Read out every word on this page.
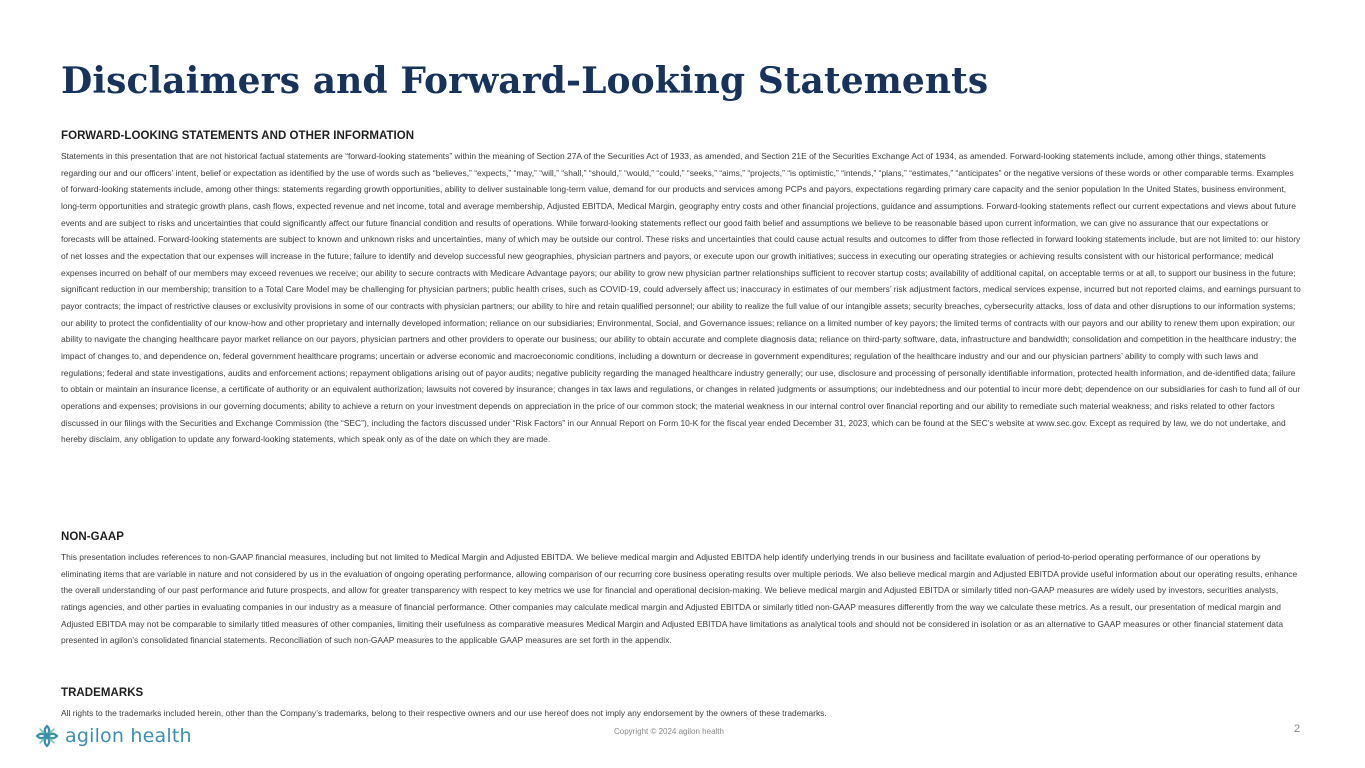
Disclaimers and Forward-Looking Statements
FORWARD-LOOKING STATEMENTS AND OTHER INFORMATION

Statements in this presentation that are not historical factual statements are “forward-looking statements” within the meaning of Section 27A of the Securities Act of 1933, as amended, and Section 21E of the Securities Exchange Act of 1934, as amended. Forward-looking statements include, among other things, statements regarding our and our officers’ intent, belief or expectation as identified by the use of words such as “believes,” “expects,” “may,” “will,” “shall,” “should,” “would,” “could,” “seeks,” “aims,” “projects,” “is optimistic,” “intends,” “plans,” “estimates,” “anticipates” or the negative versions of these words or other comparable terms. Examples of forward-looking statements include, among other things: statements regarding growth opportunities, ability to deliver sustainable long-term value, demand for our products and services among PCPs and payors, expectations regarding primary care capacity and the senior population In the United States, business environment, long-term opportunities and strategic growth plans, cash flows, expected revenue and net income, total and average membership, Adjusted EBITDA, Medical Margin, geography entry costs and other financial projections, guidance and assumptions. Forward-looking statements reflect our current expectations and views about future events and are subject to risks and uncertainties that could significantly affect our future financial condition and results of operations. While forward-looking statements reflect our good faith belief and assumptions we believe to be reasonable based upon current information, we can give no assurance that our expectations or forecasts will be attained. Forward-looking statements are subject to known and unknown risks and uncertainties, many of which may be outside our control. These risks and uncertainties that could cause actual results and outcomes to differ from those reflected in forward looking statements include, but are not limited to: our history of net losses and the expectation that our expenses will increase in the future; failure to identify and develop successful new geographies, physician partners and payors, or execute upon our growth initiatives; success in executing our operating strategies or achieving results consistent with our historical performance; medical expenses incurred on behalf of our members may exceed revenues we receive; our ability to secure contracts with Medicare Advantage payors; our ability to grow new physician partner relationships sufficient to recover startup costs; availability of additional capital, on acceptable terms or at all, to support our business in the future; significant reduction in our membership; transition to a Total Care Model may be challenging for physician partners; public health crises, such as COVID-19, could adversely affect us; inaccuracy in estimates of our members’ risk adjustment factors, medical services expense, incurred but not reported claims, and earnings pursuant to payor contracts; the impact of restrictive clauses or exclusivity provisions in some of our contracts with physician partners; our ability to hire and retain qualified personnel; our ability to realize the full value of our intangible assets; security breaches, cybersecurity attacks, loss of data and other disruptions to our information systems; our ability to protect the confidentiality of our know-how and other proprietary and internally developed information; reliance on our subsidiaries; Environmental, Social, and Governance issues; reliance on a limited number of key payors; the limited terms of contracts with our payors and our ability to renew them upon expiration; our ability to navigate the changing healthcare payor market reliance on our payors, physician partners and other providers to operate our business; our ability to obtain accurate and complete diagnosis data; reliance on third-party software, data, infrastructure and bandwidth; consolidation and competition in the healthcare industry; the impact of changes to, and dependence on, federal government healthcare programs; uncertain or adverse economic and macroeconomic conditions, including a downturn or decrease in government expenditures; regulation of the healthcare industry and our and our physician partners’ ability to comply with such laws and regulations; federal and state investigations, audits and enforcement actions; repayment obligations arising out of payor audits; negative publicity regarding the managed healthcare industry generally; our use, disclosure and processing of personally identifiable information, protected health information, and de-identified data; failure to obtain or maintain an insurance license, a certificate of authority or an equivalent authorization; lawsuits not covered by insurance; changes in tax laws and regulations, or changes in related judgments or assumptions; our indebtedness and our potential to incur more debt; dependence on our subsidiaries for cash to fund all of our operations and expenses; provisions in our governing documents; ability to achieve a return on your investment depends on appreciation in the price of our common stock; the material weakness in our internal control over financial reporting and our ability to remediate such material weakness; and risks related to other factors discussed in our filings with the Securities and Exchange Commission (the “SEC”), including the factors discussed under “Risk Factors” in our Annual Report on Form 10-K for the fiscal year ended December 31, 2023, which can be found at the SEC’s website at www.sec.gov. Except as required by law, we do not undertake, and hereby disclaim, any obligation to update any forward-looking statements, which speak only as of the date on which they are made.

NON-GAAP

This presentation includes references to non-GAAP financial measures, including but not limited to Medical Margin and Adjusted EBITDA. We believe medical margin and Adjusted EBITDA help identify underlying trends in our business and facilitate evaluation of period-to-period operating performance of our operations by eliminating items that are variable in nature and not considered by us in the evaluation of ongoing operating performance, allowing comparison of our recurring core business operating results over multiple periods. We also believe medical margin and Adjusted EBITDA provide useful information about our operating results, enhance the overall understanding of our past performance and future prospects, and allow for greater transparency with respect to key metrics we use for financial and operational decision-making. We believe medical margin and Adjusted EBITDA or similarly titled non-GAAP measures are widely used by investors, securities analysts, ratings agencies, and other parties in evaluating companies in our industry as a measure of financial performance. Other companies may calculate medical margin and Adjusted EBITDA or similarly titled non-GAAP measures differently from the way we calculate these metrics. As a result, our presentation of medical margin and Adjusted EBITDA may not be comparable to similarly titled measures of other companies, limiting their usefulness as comparative measures Medical Margin and Adjusted EBITDA have limitations as analytical tools and should not be considered in isolation or as an alternative to GAAP measures or other financial statement data presented in agilon’s consolidated financial statements. Reconciliation of such non-GAAP measures to the applicable GAAP measures are set forth in the appendix.

TRADEMARKS

All rights to the trademarks included herein, other than the Company’s trademarks, belong to their respective owners and our use hereof does not imply any endorsement by the owners of these trademarks.

agilon health	Copyright © 2024 agilon health	2
